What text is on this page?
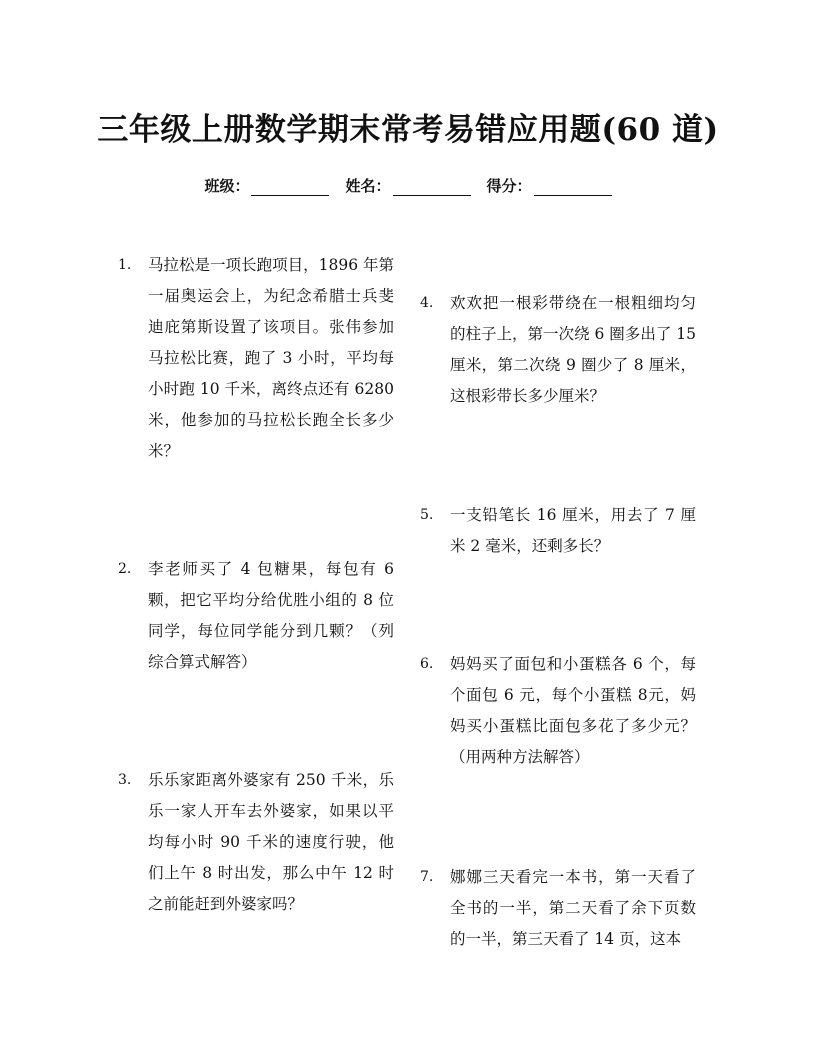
三年级上册数学期末常考易错应用题(60 道)
班级：	姓名：	得分：
1.	马拉松是一项长跑项目，1896 年第一届奥运会上，为纪念希腊士兵斐迪庇第斯设置了该项目。张伟参加马拉松比赛，跑了 3 小时，平均每小时跑 10 千米，离终点还有 6280米，他参加的马拉松长跑全长多少米？
2.	李老师买了 4 包糖果，每包有 6 颗，把它平均分给优胜小组的 8 位同学，每位同学能分到几颗？（列综合算式解答）
3.	乐乐家距离外婆家有 250 千米，乐乐一家人开车去外婆家，如果以平均每小时 90 千米的速度行驶，他们上午 8 时出发，那么中午 12 时之前能赶到外婆家吗？
4.	欢欢把一根彩带绕在一根粗细均匀的柱子上，第一次绕 6 圈多出了 15厘米，第二次绕 9 圈少了 8 厘米，这根彩带长多少厘米？
5.	一支铅笔长 16 厘米，用去了 7 厘米 2 毫米，还剩多长？
6.	妈妈买了面包和小蛋糕各 6 个，每个面包 6 元，每个小蛋糕 8元，妈妈买小蛋糕比面包多花了多少元？（用两种方法解答）
7.	娜娜三天看完一本书，第一天看了全书的一半，第二天看了余下页数的一半，第三天看了 14 页，这本
